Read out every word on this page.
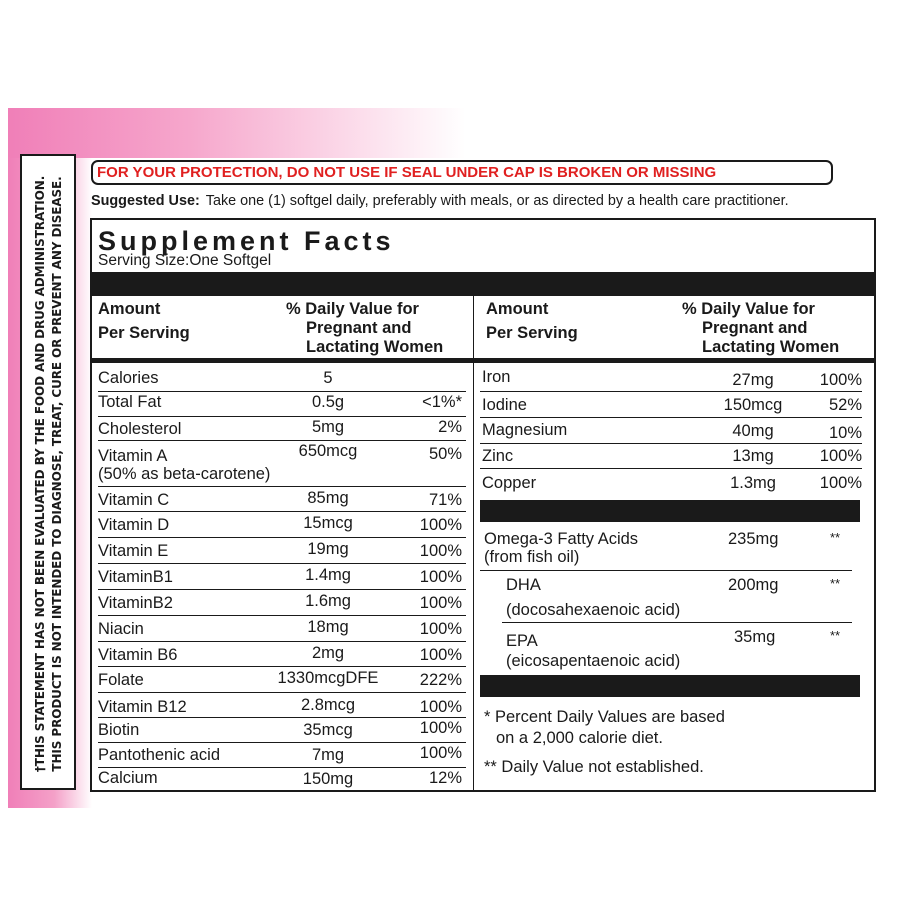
†THIS STATEMENT HAS NOT BEEN EVALUATED BY THE FOOD AND DRUG ADMINISTRATION. THIS PRODUCT IS NOT INTENDED TO DIAGNOSE, TREAT, CURE OR PREVENT ANY DISEASE.
FOR YOUR PROTECTION, DO NOT USE IF SEAL UNDER CAP IS BROKEN OR MISSING
Suggested Use: Take one (1) softgel daily, preferably with meals, or as directed by a health care practitioner.
Supplement Facts
Serving Size:One Softgel
Amount
Per Serving
% Daily Value for
Pregnant and
Lactating Women
Amount
Per Serving
% Daily Value for
Pregnant and
Lactating Women
Calories	5
Total Fat	0.5g	<1%*
Cholesterol	5mg	2%
Vitamin A
(50% as beta-carotene)
650mcg	50%
Vitamin C	85mg	71%
Vitamin D	15mcg	100%
Vitamin E	19mg	100%
VitaminB1	1.4mg	100%
VitaminB2	1.6mg	100%
Niacin	18mg	100%
Vitamin B6	2mg	100%
Folate	1330mcgDFE	222%
Vitamin B12	2.8mcg	100%
Biotin	35mcg	100%
Pantothenic acid	7mg	100%
Calcium	150mg	12%
Iron	27mg	100%
Iodine	150mcg	52%
Magnesium	40mg	10%
Zinc	13mg	100%
Copper	1.3mg	100%
Omega-3 Fatty Acids
(from fish oil)
235mg	**
DHA
(docosahexaenoic acid)
200mg	**
EPA
(eicosapentaenoic acid)
35mg	**
* Percent Daily Values are based
on a 2,000 calorie diet.
** Daily Value not established.
